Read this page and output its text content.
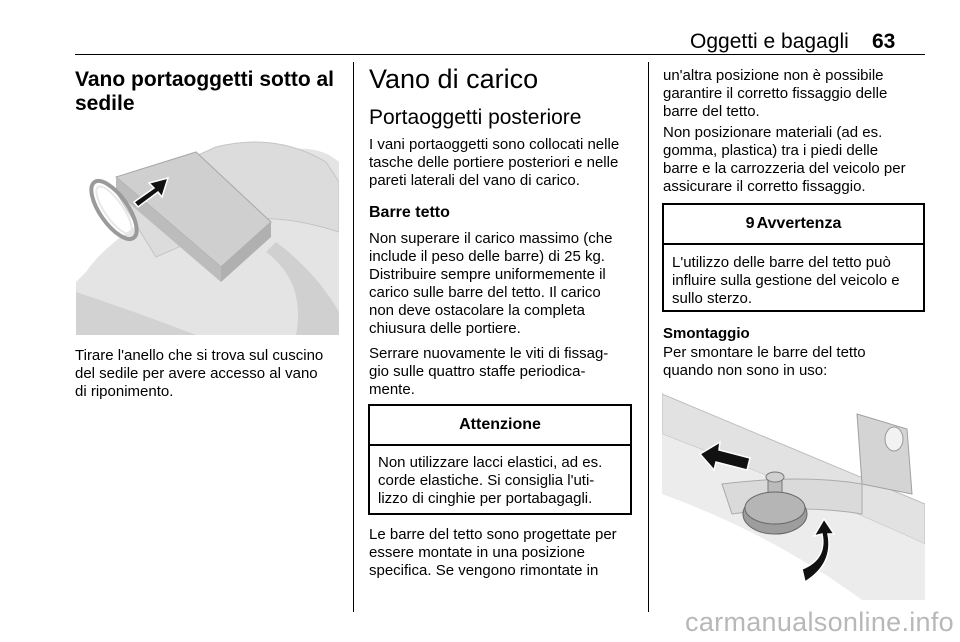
Oggetti e bagagli 63
Vano portaoggetti sotto al
sedile
Tirare l'anello che si trova sul cuscino
del sedile per avere accesso al vano
di riponimento.
Vano di carico
Portaoggetti posteriore
I vani portaoggetti sono collocati nelle
tasche delle portiere posteriori e nelle
pareti laterali del vano di carico.
Barre tetto
Non superare il carico massimo (che
include il peso delle barre) di 25 kg.
Distribuire sempre uniformemente il
carico sulle barre del tetto. Il carico
non deve ostacolare la completa
chiusura delle portiere.
Serrare nuovamente le viti di fissag-
gio sulle quattro staffe periodica-
mente.
Attenzione
Non utilizzare lacci elastici, ad es.
corde elastiche. Si consiglia l'uti-
lizzo di cinghie per portabagagli.
Le barre del tetto sono progettate per
essere montate in una posizione
specifica. Se vengono rimontate in
un'altra posizione non è possibile
garantire il corretto fissaggio delle
barre del tetto.
Non posizionare materiali (ad es.
gomma, plastica) tra i piedi delle
barre e la carrozzeria del veicolo per
assicurare il corretto fissaggio.
9 Avvertenza
L'utilizzo delle barre del tetto può
influire sulla gestione del veicolo e
sullo sterzo.
Smontaggio
Per smontare le barre del tetto
quando non sono in uso:
carmanualsonline.info
